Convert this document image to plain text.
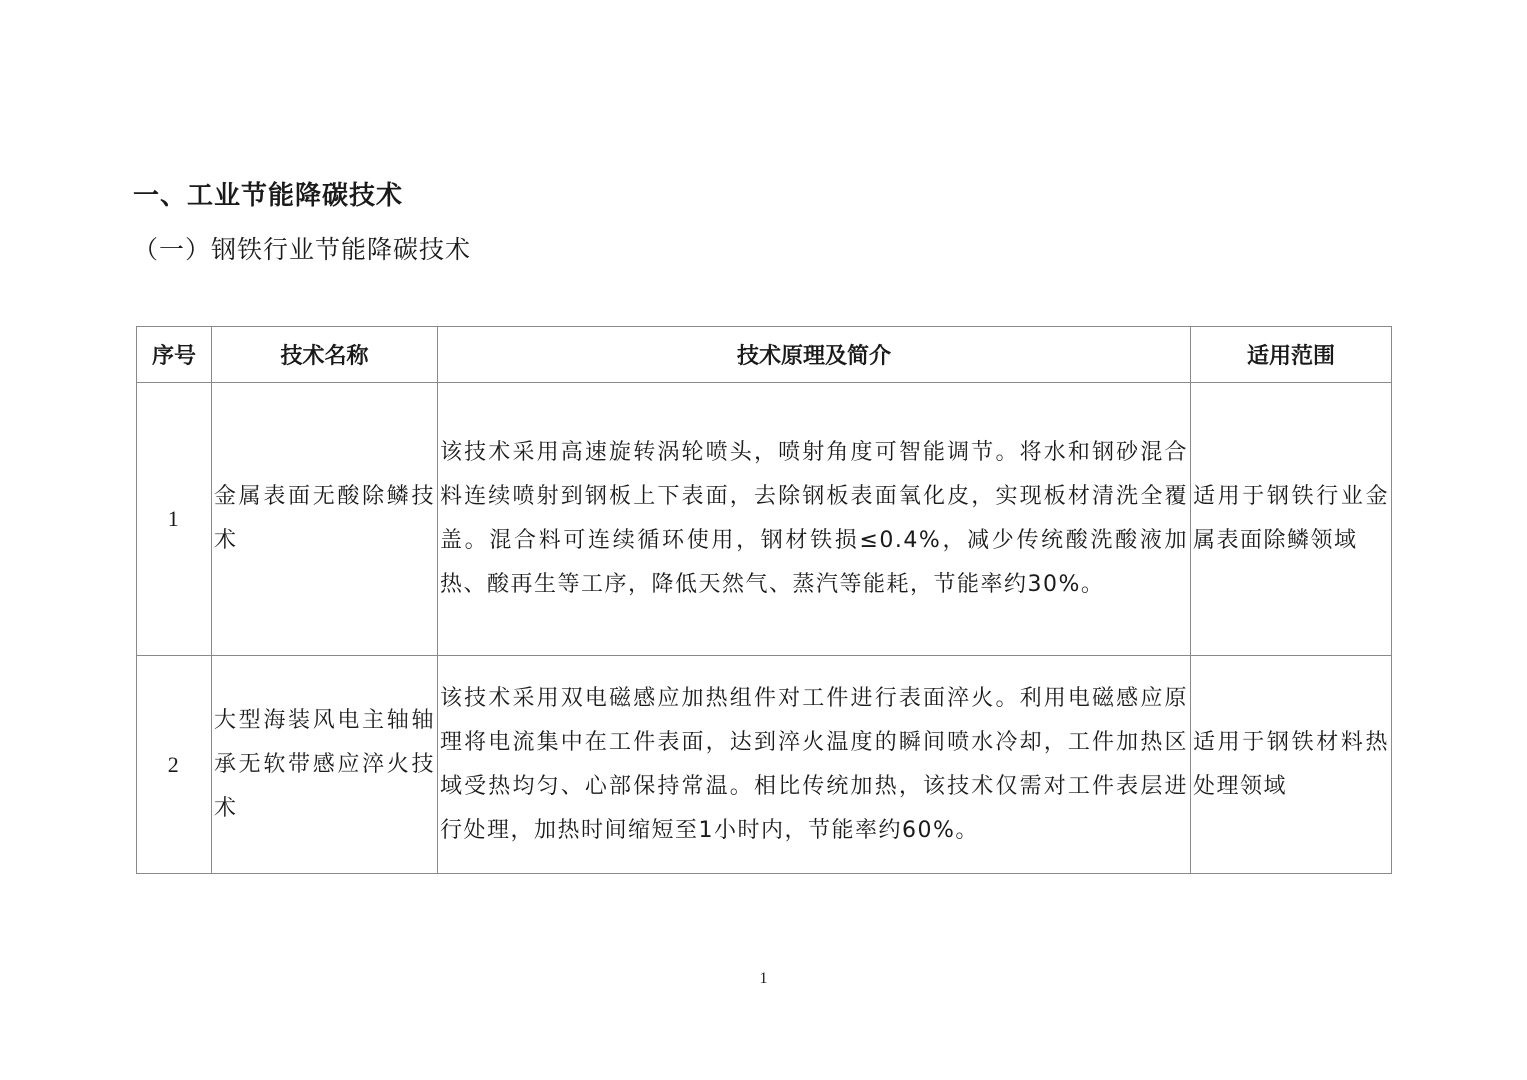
一、工业节能降碳技术
（一）钢铁行业节能降碳技术
序号	技术名称	技术原理及简介	适用范围
1	金属表面无酸除鳞技术	该技术采用高速旋转涡轮喷头，喷射角度可智能调节。将水和钢砂混合料连续喷射到钢板上下表面，去除钢板表面氧化皮，实现板材清洗全覆盖。混合料可连续循环使用，钢材铁损≤0.4%，减少传统酸洗酸液加热、酸再生等工序，降低天然气、蒸汽等能耗，节能率约30%。	适用于钢铁行业金属表面除鳞领域
2	大型海装风电主轴轴承无软带感应淬火技术	该技术采用双电磁感应加热组件对工件进行表面淬火。利用电磁感应原理将电流集中在工件表面，达到淬火温度的瞬间喷水冷却，工件加热区域受热均匀、心部保持常温。相比传统加热，该技术仅需对工件表层进行处理，加热时间缩短至1小时内，节能率约60%。	适用于钢铁材料热处理领域
1
